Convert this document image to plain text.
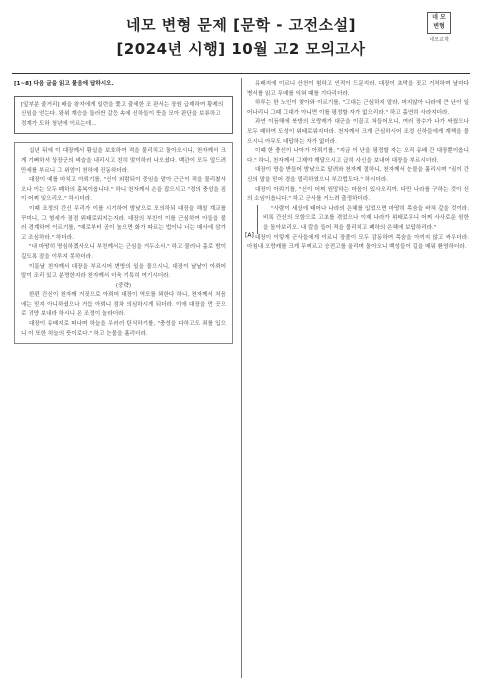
네모 변형 문제 [문학 - 고전소설]
[2024년 시행] 10월 고2 모의고사
네 모
변형
네모교재
[1~8] 다음 글을 읽고 물음에 답하시오.
[앞부분 줄거리] 배을 왕자에게 일련을 쫓고 출세한 조 판서는 장원 급제하여 황제의 신임을 얻는다. 왕위 계승을 둘러싼 갈등 속에 신하들이 뜻을 모아 판단을 보류하고 정계가 도하 청년에 이르는데…

십년 뒤에 이 대장께서 황실을 보호하여 적을 물리치고 돌아오시니, 천자께서 크게 기뻐하셔 상장군의 벼슬을 내리시고 친히 맞이하러 나오셨다. 백관이 모두 엎드려 만세를 부르니 그 위엄이 천하에 진동하더라.

대장이 예를 마치고 아뢰기를, "신이 외람되이 중임을 맡아 근근이 적을 물리쳤사오나 이는 모두 폐하의 홍복이옵니다." 하니 천자께서 손을 잡으시고 "경의 충성을 짐이 어찌 잊으리오." 하시더라.

이때 조정의 간신 무리가 이를 시기하여 밤낮으로 모의하되 대장을 해칠 계교를 꾸미니, 그 형세가 점점 위태로워지는지라. 대장의 부친이 이를 근심하여 아들을 불러 경계하여 이르기를, "예로부터 공이 높으면 화가 따르는 법이니 너는 매사에 삼가고 조심하라." 하더라.

"내 마땅히 명심하겠사오니 부친께서는 근심을 거두소서." 하고 물러나 홀로 밤이 깊도록 잠을 이루지 못하더라.

이튿날 천자께서 대장을 부르시어 변방의 일을 물으시니, 대장이 낱낱이 아뢰어 말이 조리 있고 분명한지라 천자께서 더욱 기특히 여기시더라.

(중략)

한편 간신이 천자께 거짓으로 아뢰어 대장이 역모를 꾀한다 하니, 천자께서 처음에는 믿지 아니하셨으나 거듭 아뢰니 점차 의심하시게 되더라. 이에 대장을 먼 곳으로 귀양 보내라 하시니 온 조정이 놀라더라.

대장이 유배지로 떠나며 하늘을 우러러 탄식하기를, "충성을 다하고도 죄를 입으니 이 또한 하늘의 뜻이로다." 하고 눈물을 흘리더라.

유배지에 이르니 산천이 험하고 인적이 드문지라. 대장이 초막을 짓고 거처하며 날마다 병서를 읽고 무예를 익혀 때를 기다리더라.

하루는 한 노인이 찾아와 이르기를, "그대는 근심하지 말라. 머지않아 나라에 큰 난이 일어나리니 그때 그대가 아니면 이를 평정할 자가 없으리라." 하고 홀연히 사라지더라.

과연 이듬해에 북방의 오랑캐가 대군을 이끌고 쳐들어오니, 여러 장수가 나가 싸웠으나 모두 패하여 도성이 위태로워지더라. 천자께서 크게 근심하시어 조정 신하들에게 계책을 물으시니 아무도 대답하는 자가 없더라.

이때 한 충신이 나아가 아뢰기를, "지금 이 난을 평정할 자는 오직 유배 간 대장뿐이옵니다." 하니, 천자께서 그제야 깨달으시고 급히 사신을 보내어 대장을 부르시더라.

대장이 명을 받들어 밤낮으로 달려와 천자께 절하니, 천자께서 눈물을 흘리시며 "짐이 간신의 말을 믿어 경을 멀리하였으니 부끄럽도다." 하시더라.

대장이 아뢰기를, "신이 어찌 원망하는 마음이 있사오리까. 다만 나라를 구하는 것이 신의 소임이옵니다." 하고 군사를 거느려 출정하더라.

[A]

"사람이 세상에 태어나 나라의 은혜를 입었으면 마땅히 목숨을 바쳐 갚을 것이라. 비록 간신의 모함으로 고초를 겪었으나 이제 나라가 위태로우니 어찌 사사로운 원한을 돌아보리오. 내 칼을 들어 적을 물리치고 폐하의 은혜에 보답하리라."

대장이 이렇게 군사들에게 이르니 장졸이 모두 감동하여 목숨을 아끼지 않고 싸우더라. 마침내 오랑캐를 크게 무찌르고 승전고를 울리며 돌아오니 백성들이 길을 메워 환영하더라.
